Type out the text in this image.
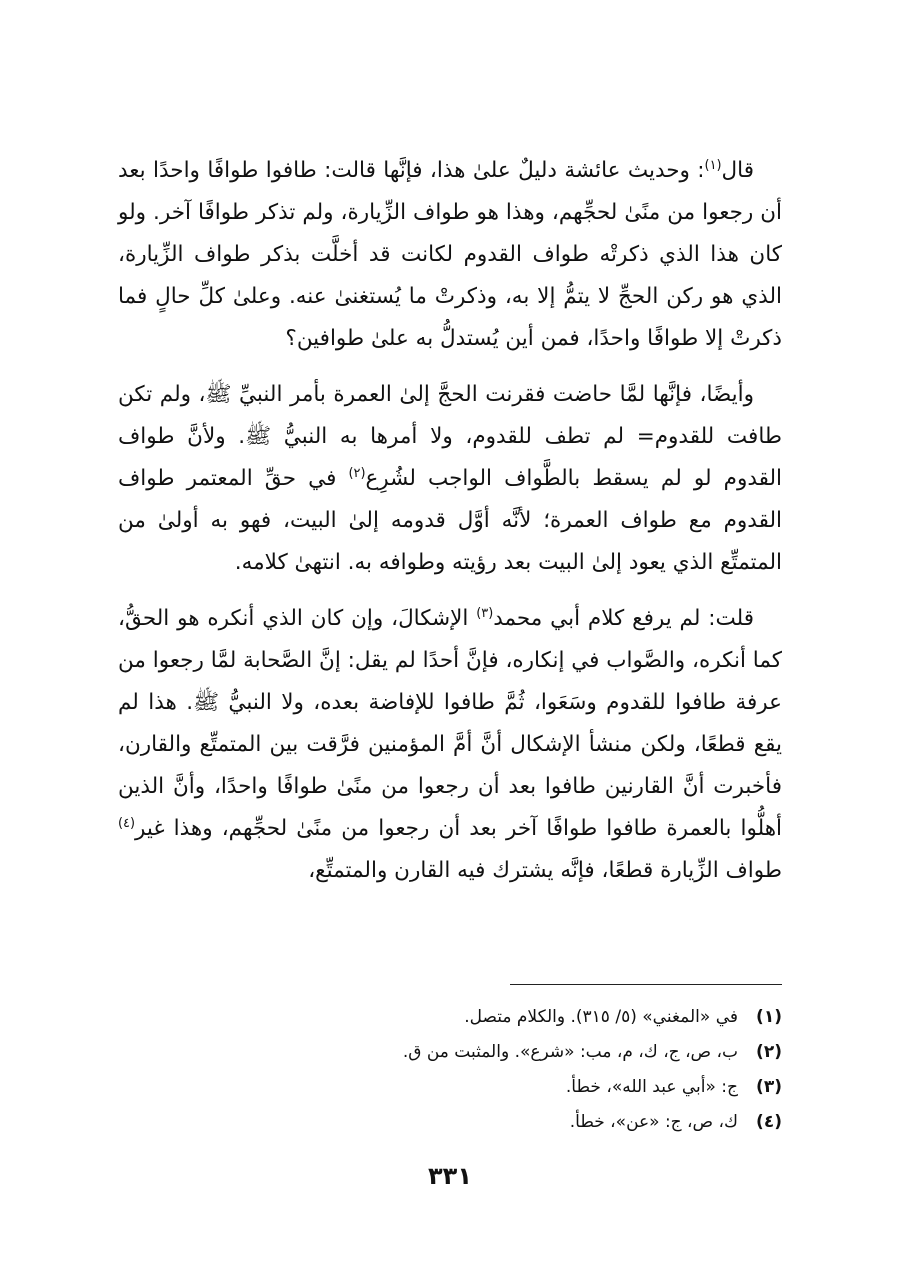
قال$^{(١)}$: وحديث عائشة دليلٌ علىٰ هذا، فإنَّها قالت: طافوا طوافًا واحدًا بعد أن رجعوا من منًىٰ لحجِّهم، وهذا هو طواف الزِّيارة، ولم تذكر طوافًا آخر. ولو كان هذا الذي ذكرتْه طواف القدوم لكانت قد أخلَّت بذكر طواف الزِّيارة، الذي هو ركن الحجِّ لا يتمُّ إلا به، وذكرتْ ما يُستغنىٰ عنه. وعلىٰ كلِّ حالٍ فما ذكرتْ إلا طوافًا واحدًا، فمن أين يُستدلُّ به علىٰ طوافين؟

وأيضًا، فإنَّها لمَّا حاضت فقرنت الحجَّ إلىٰ العمرة بأمر النبيِّ ﷺ، ولم تكن طافت للقدوم= لم تطف للقدوم، ولا أمرها به النبيُّ ﷺ. ولأنَّ طواف القدوم لو لم يسقط بالطَّواف الواجب لشُرِع$^{(٢)}$ في حقِّ المعتمر طواف القدوم مع طواف العمرة؛ لأنَّه أوَّل قدومه إلىٰ البيت، فهو به أولىٰ من المتمتِّع الذي يعود إلىٰ البيت بعد رؤيته وطوافه به. انتهىٰ كلامه.

قلت: لم يرفع كلام أبي محمد$^{(٣)}$ الإشكالَ، وإن كان الذي أنكره هو الحقُّ، كما أنكره، والصَّواب في إنكاره، فإنَّ أحدًا لم يقل: إنَّ الصَّحابة لمَّا رجعوا من عرفة طافوا للقدوم وسَعَوا، ثُمَّ طافوا للإفاضة بعده، ولا النبيُّ ﷺ. هذا لم يقع قطعًا، ولكن منشأ الإشكال أنَّ أمَّ المؤمنين فرَّقت بين المتمتِّع والقارن، فأخبرت أنَّ القارنين طافوا بعد أن رجعوا من منًىٰ طوافًا واحدًا، وأنَّ الذين أهلُّوا بالعمرة طافوا طوافًا آخر بعد أن رجعوا من منًىٰ لحجِّهم، وهذا غير$^{(٤)}$ طواف الزِّيارة قطعًا، فإنَّه يشترك فيه القارن والمتمتِّع،

(١)
في «المغني» (٥/ ٣١٥). والكلام متصل.
(٢)
ب، ص، ج، ك، م، مب: «شرع». والمثبت من ق.
(٣)
ج: «أبي عبد الله»، خطأ.
(٤)
ك، ص، ج: «عن»، خطأ.
٣٣١
